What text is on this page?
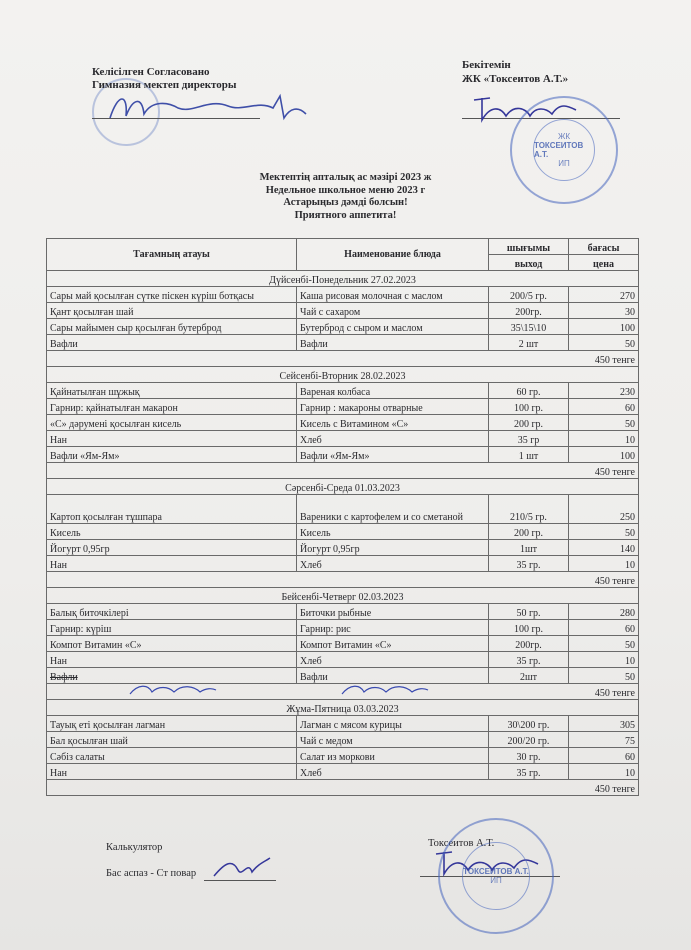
Келісілген Согласовано
Гимназия мектеп директоры
Бекітемін
ЖК «Токсеитов А.Т.»
ЖК
ТОКСЕИТОВ А.Т.
ИП
Мектептің апталық ас мәзірі 2023 ж
Недельное школьное меню 2023 г
Астарыңыз дәмді болсын!
Приятного аппетита!
Тағамның атауы	Наименование блюда	шығымы	бағасы
		выход	цена
Дүйсенбі-Понедельник 27.02.2023			
Сары май қосылған сүтке піскен күріш ботқасы	Каша рисовая молочная с маслом	200/5 гр.	270
Қант қосылған шай	Чай с сахаром	200гр.	30
Сары майымен сыр қосылған бутерброд	Бутерброд с сыром и маслом	35\15\10	100
Вафли	Вафли	2 шт	50
450 тенге			
Сейсенбі-Вторник 28.02.2023			
Қайнатылған шұжық	Вареная колбаса	60 гр.	230
Гарнир: қайнатылған макарон	Гарнир : макароны отварные	100 гр.	60
«С» дәрумені қосылған кисель	Кисель с Витамином «С»	200 гр.	50
Нан	Хлеб	35 гр	10
Вафли «Ям-Ям»	Вафли «Ям-Ям»	1 шт	100
450 тенге			
Сәрсенбі-Среда 01.03.2023			
Картоп қосылған тұшпара	Вареники с картофелем и со сметаной	210/5 гр.	250
Кисель	Кисель	200 гр.	50
Йогурт 0,95гр	Йогурт 0,95гр	1шт	140
Нан	Хлеб	35 гр.	10
450 тенге			
Бейсенбі-Четверг 02.03.2023			
Балық биточкілері	Биточки рыбные	50 гр.	280
Гарнир: күріш	Гарнир: рис	100 гр.	60
Компот Витамин «С»	Компот Витамин «С»	200гр.	50
Нан	Хлеб	35 гр.	10
Вафли	Вафли	2шт	50
450 тенге			
Жұма-Пятница 03.03.2023			
Тауық еті қосылған лагман	Лагман с мясом курицы	30\200 гр.	305
Бал қосылған шай	Чай с медом	200/20 гр.	75
Сәбіз салаты	Салат из моркови	30 гр.	60
Нан	Хлеб	35 гр.	10
450 тенге			
Калькулятор
Бас аспаз - Ст повар
Токсеитов А.Т.
ТОКСЕИТОВ А.Т.
ИП
